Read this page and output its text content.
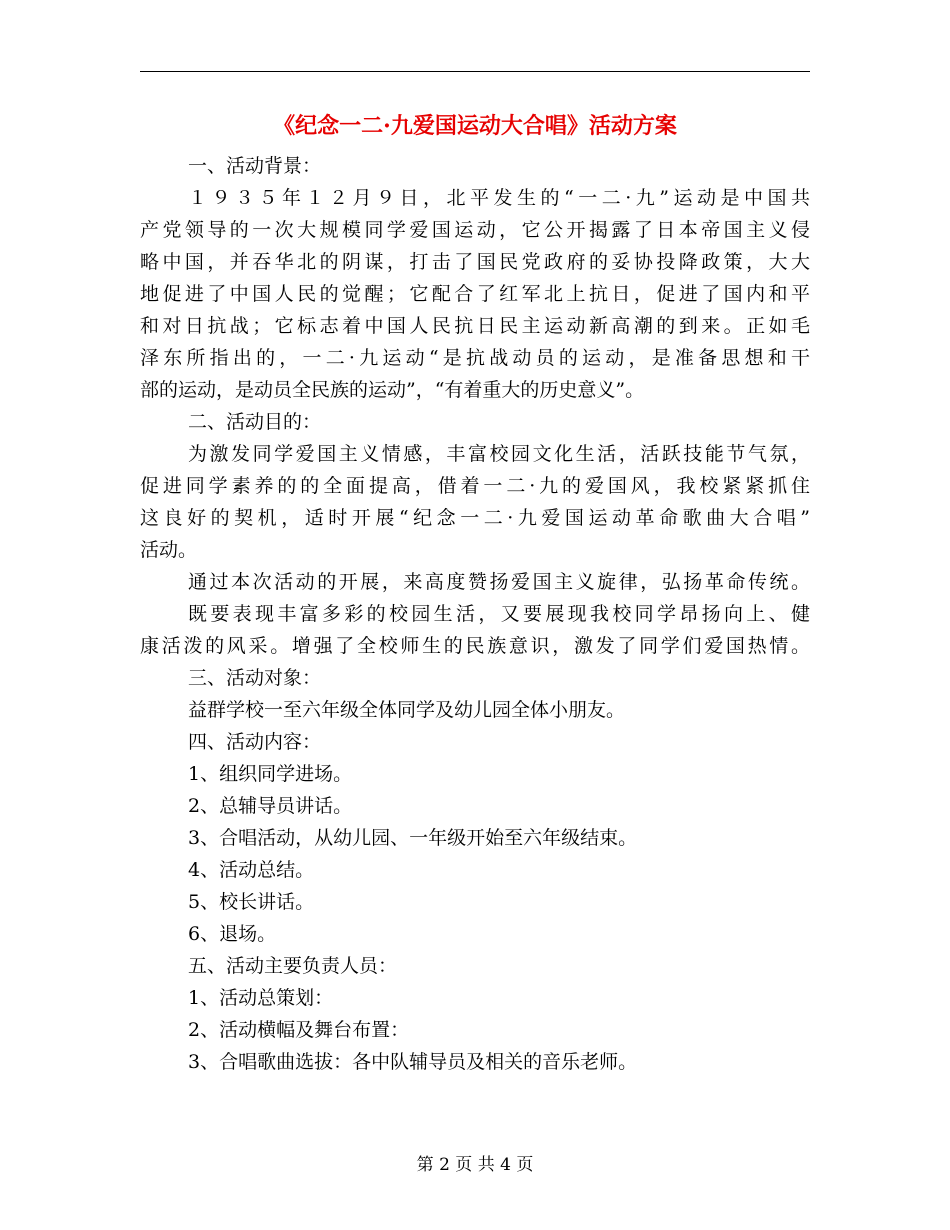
《纪念一二·九爱国运动大合唱》活动方案
一、活动背景：
１９３５年１２月９日，北平发生的“一二·九”运动是中国共
产党领导的一次大规模同学爱国运动，它公开揭露了日本帝国主义侵
略中国，并吞华北的阴谋，打击了国民党政府的妥协投降政策，大大
地促进了中国人民的觉醒；它配合了红军北上抗日，促进了国内和平
和对日抗战；它标志着中国人民抗日民主运动新高潮的到来。正如毛
泽东所指出的，一二·九运动“是抗战动员的运动，是准备思想和干
部的运动，是动员全民族的运动”，“有着重大的历史意义”。
二、活动目的：
为激发同学爱国主义情感，丰富校园文化生活，活跃技能节气氛，
促进同学素养的的全面提高，借着一二·九的爱国风，我校紧紧抓住
这良好的契机，适时开展“纪念一二·九爱国运动革命歌曲大合唱”
活动。
通过本次活动的开展，来高度赞扬爱国主义旋律，弘扬革命传统。
既要表现丰富多彩的校园生活，又要展现我校同学昂扬向上、健
康活泼的风采。增强了全校师生的民族意识，激发了同学们爱国热情。
三、活动对象：
益群学校一至六年级全体同学及幼儿园全体小朋友。
四、活动内容：
1、组织同学进场。
2、总辅导员讲话。
3、合唱活动，从幼儿园、一年级开始至六年级结束。
4、活动总结。
5、校长讲话。
6、退场。
五、活动主要负责人员：
1、活动总策划：
2、活动横幅及舞台布置：
3、合唱歌曲选拔：各中队辅导员及相关的音乐老师。
第 2 页 共 4 页
